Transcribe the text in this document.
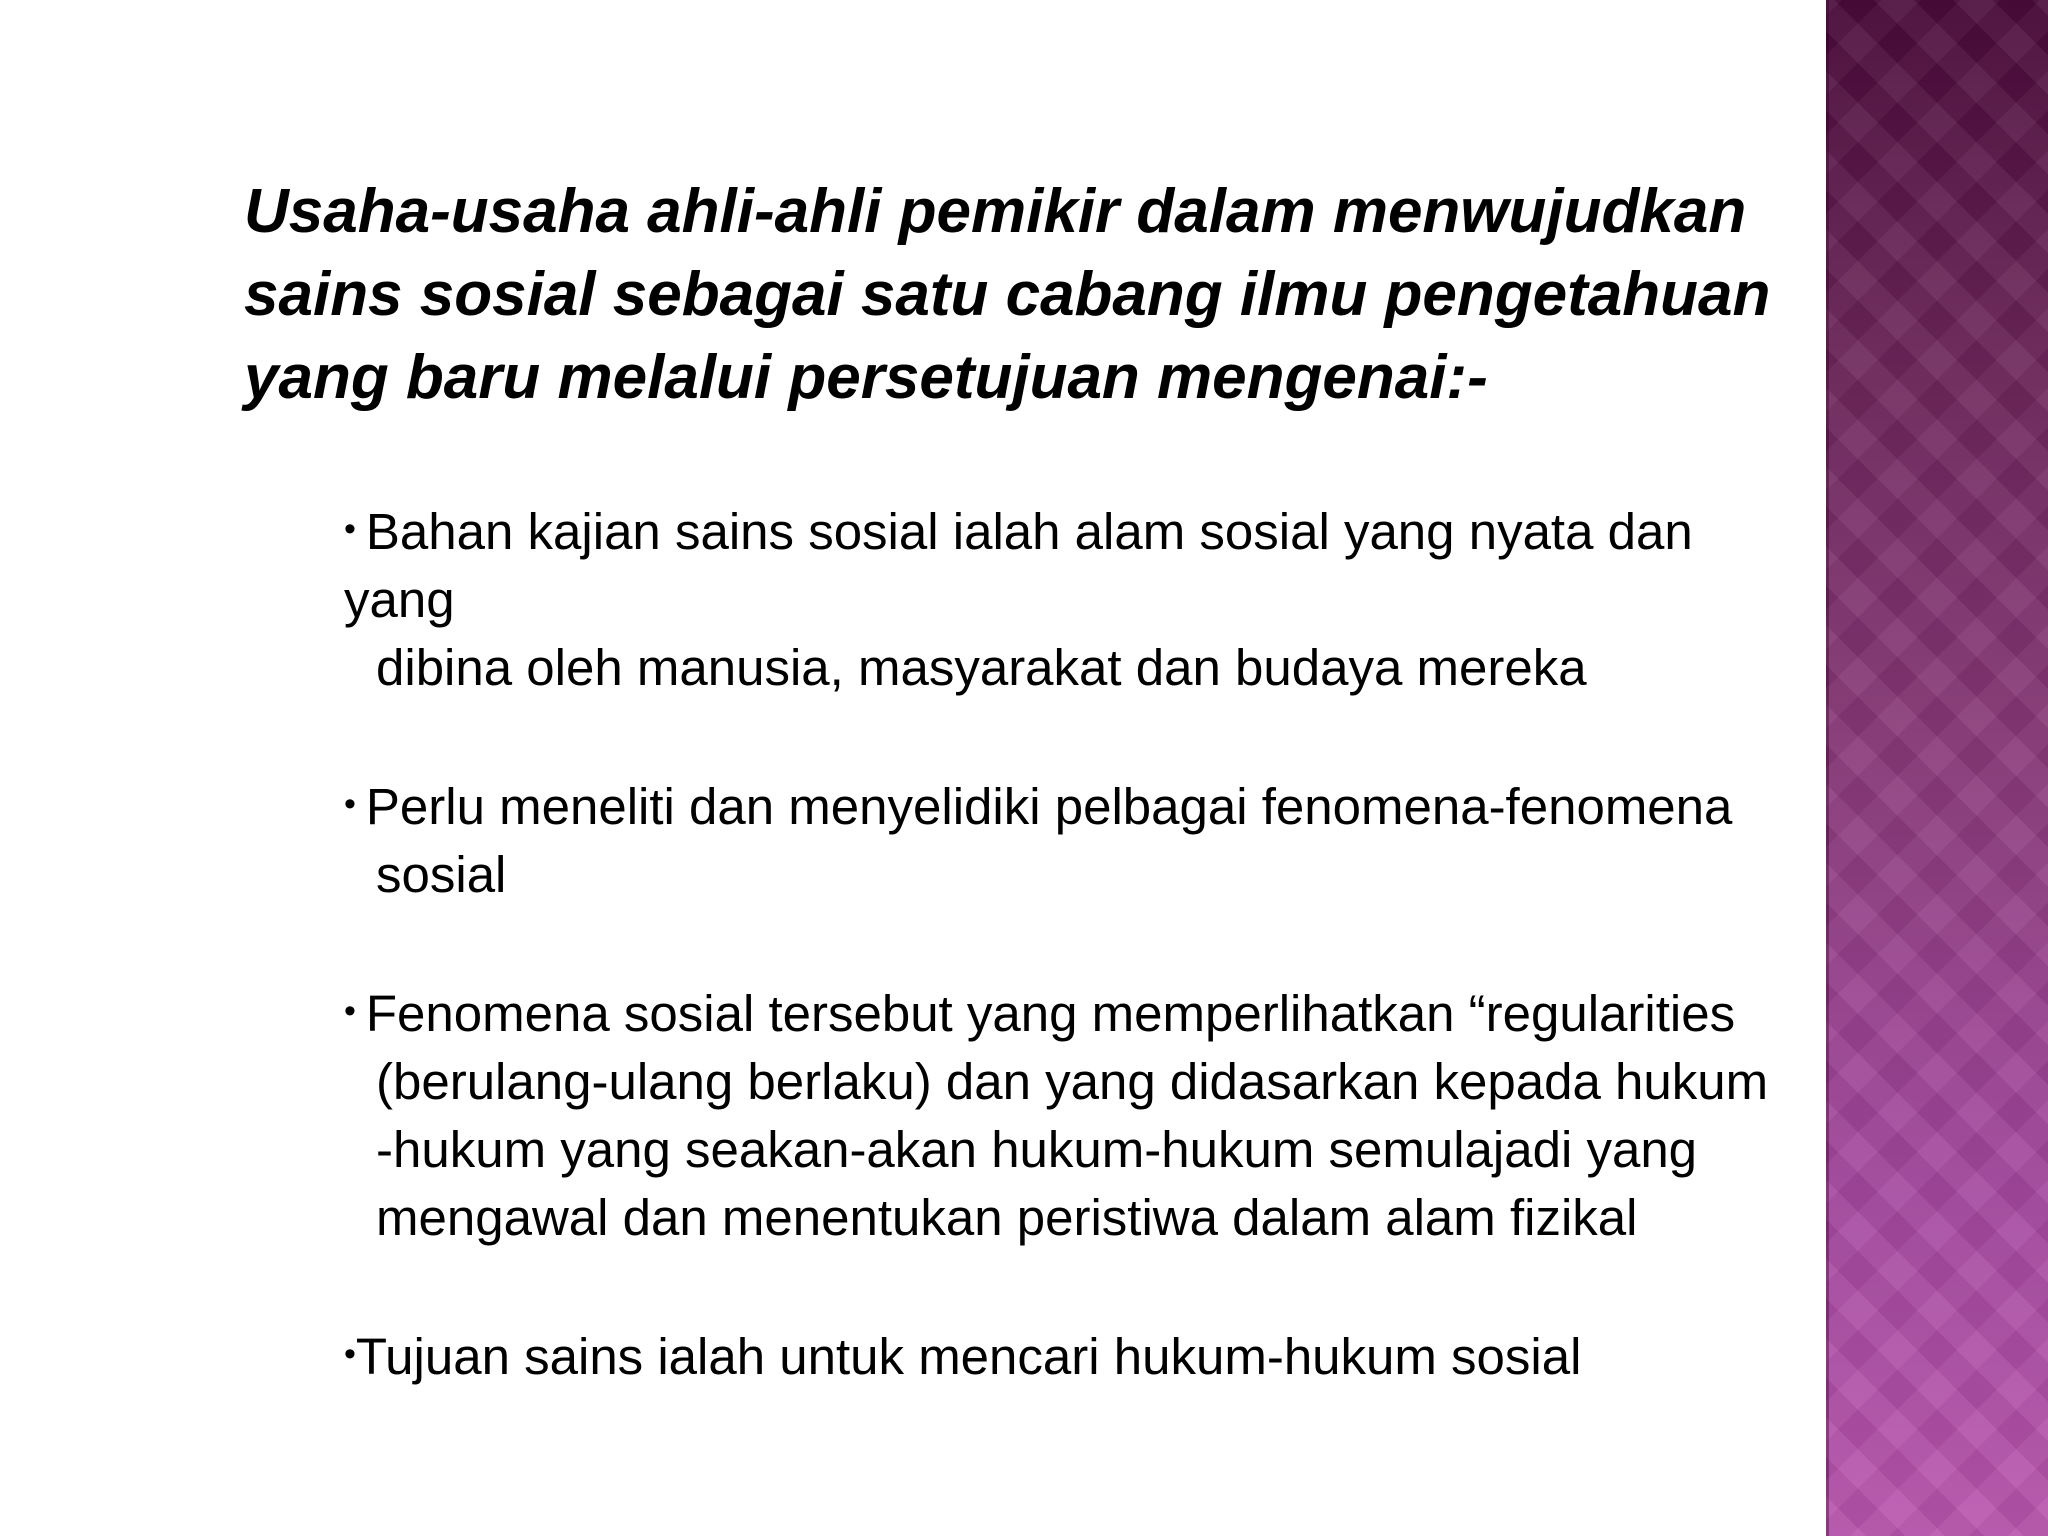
Usaha-usaha ahli-ahli pemikir dalam menwujudkan
sains sosial sebagai satu cabang ilmu pengetahuan
yang baru melalui persetujuan mengenai:-
• Bahan kajian sains sosial ialah alam sosial yang nyata dan
yang
dibina oleh manusia, masyarakat dan budaya mereka
• Perlu meneliti dan menyelidiki pelbagai fenomena-fenomena
sosial
• Fenomena sosial tersebut yang memperlihatkan “regularities
(berulang-ulang berlaku) dan yang didasarkan kepada hukum
-hukum yang seakan-akan hukum-hukum semulajadi yang
mengawal dan menentukan peristiwa dalam alam fizikal
•Tujuan sains ialah untuk mencari hukum-hukum sosial
